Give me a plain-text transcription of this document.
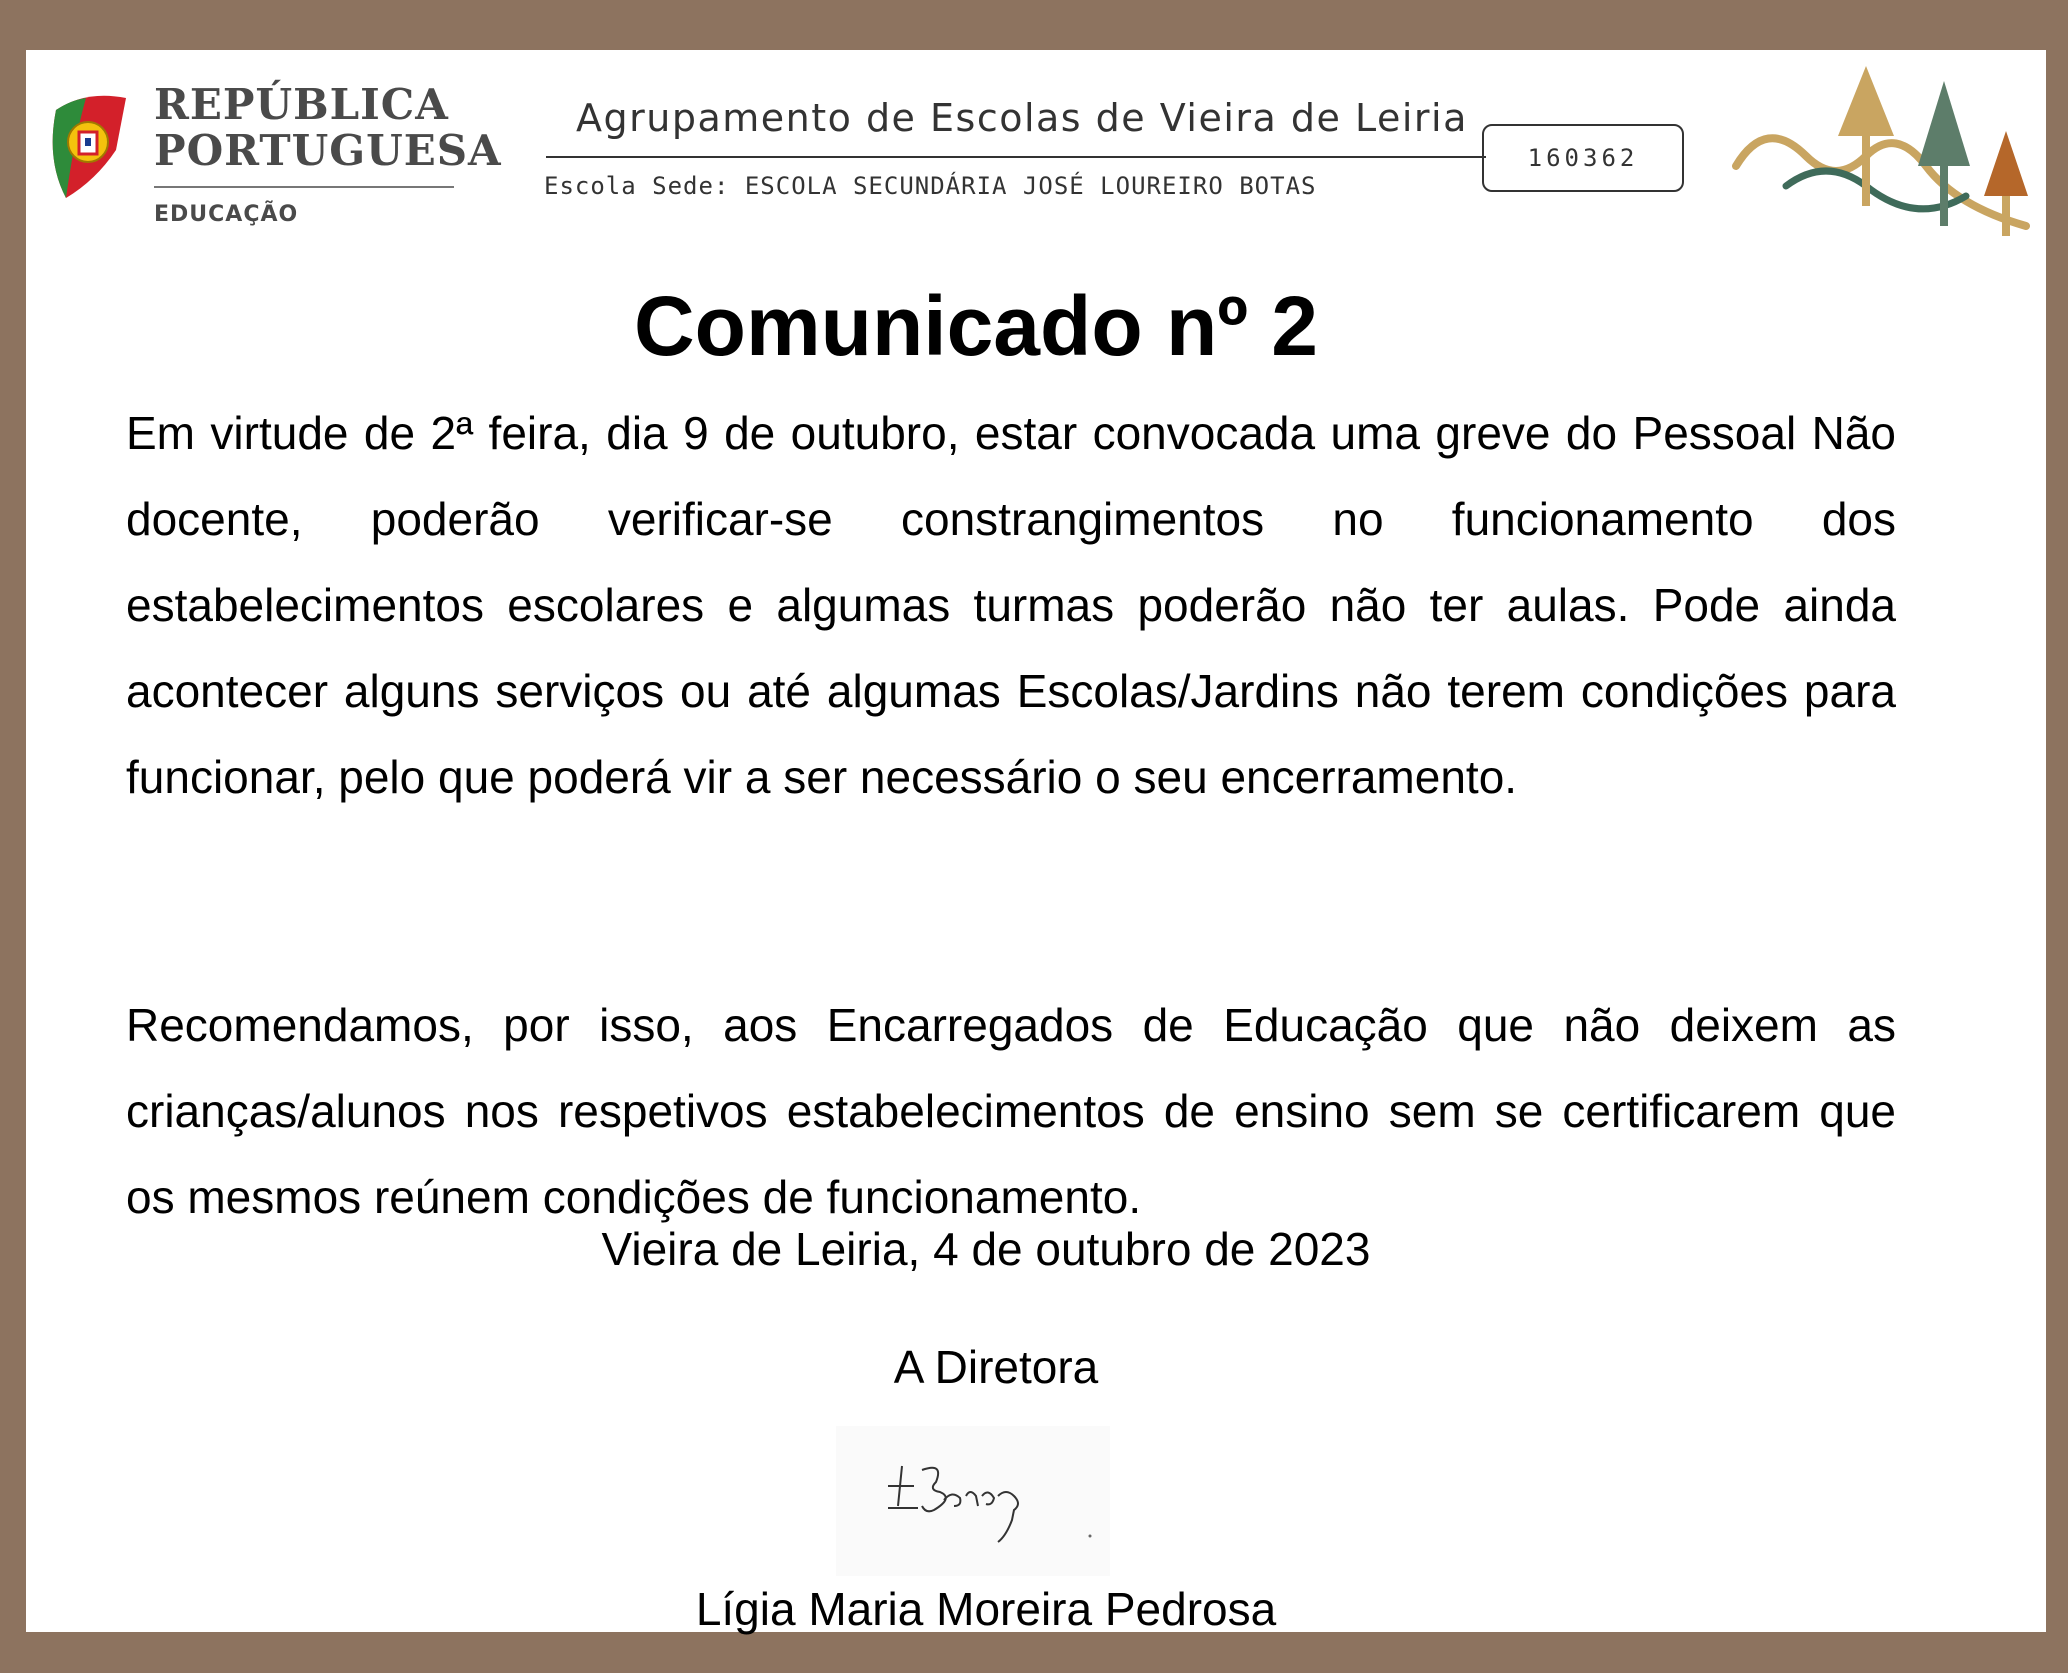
REPÚBLICA
PORTUGUESA
EDUCAÇÃO
Agrupamento de Escolas de Vieira de Leiria
Escola Sede: ESCOLA SECUNDÁRIA JOSÉ LOUREIRO BOTAS
160362
Comunicado nº 2
Em virtude de 2ª feira, dia 9 de outubro, estar convocada uma greve do Pessoal Não docente, poderão verificar-se constrangimentos no funcionamento dos estabelecimentos escolares e algumas turmas poderão não ter aulas. Pode ainda acontecer alguns serviços ou até algumas Escolas/Jardins não terem condições para funcionar, pelo que poderá vir a ser necessário o seu encerramento.
Recomendamos, por isso, aos Encarregados de Educação que não deixem as crianças/alunos nos respetivos estabelecimentos de ensino sem se certificarem que os mesmos reúnem condições de funcionamento.
Vieira de Leiria, 4 de outubro de 2023
A Diretora
Lígia Maria Moreira Pedrosa
